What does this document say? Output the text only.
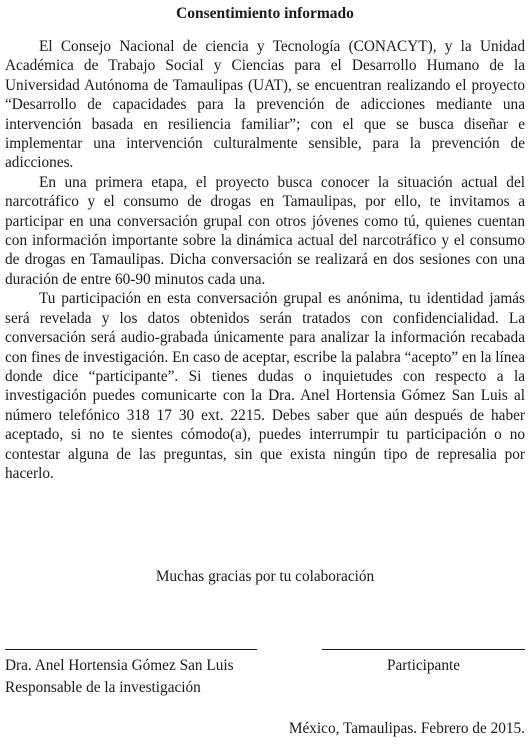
Consentimiento informado

El Consejo Nacional de ciencia y Tecnología (CONACYT), y la Unidad Académica de Trabajo Social y Ciencias para el Desarrollo Humano de la Universidad Autónoma de Tamaulipas (UAT), se encuentran realizando el proyecto “Desarrollo de capacidades para la prevención de adicciones mediante una intervención basada en resiliencia familiar”; con el que se busca diseñar e implementar una intervención culturalmente sensible, para la prevención de adicciones.

En una primera etapa, el proyecto busca conocer la situación actual del narcotráfico y el consumo de drogas en Tamaulipas, por ello, te invitamos a participar en una conversación grupal con otros jóvenes como tú, quienes cuentan con información importante sobre la dinámica actual del narcotráfico y el consumo de drogas en Tamaulipas. Dicha conversación se realizará en dos sesiones con una duración de entre 60-90 minutos cada una.

Tu participación en esta conversación grupal es anónima, tu identidad jamás será revelada y los datos obtenidos serán tratados con confidencialidad. La conversación será audio-grabada únicamente para analizar la información recabada con fines de investigación. En caso de aceptar, escribe la palabra “acepto” en la línea donde dice “participante”. Si tienes dudas o inquietudes con respecto a la investigación puedes comunicarte con la Dra. Anel Hortensia Gómez San Luis al número telefónico 318 17 30 ext. 2215. Debes saber que aún después de haber aceptado, si no te sientes cómodo(a), puedes interrumpir tu participación o no contestar alguna de las preguntas, sin que exista ningún tipo de represalia por hacerlo.

Muchas gracias por tu colaboración
Dra. Anel Hortensia Gómez San Luis
Responsable de la investigación
Participante
México, Tamaulipas. Febrero de 2015.
